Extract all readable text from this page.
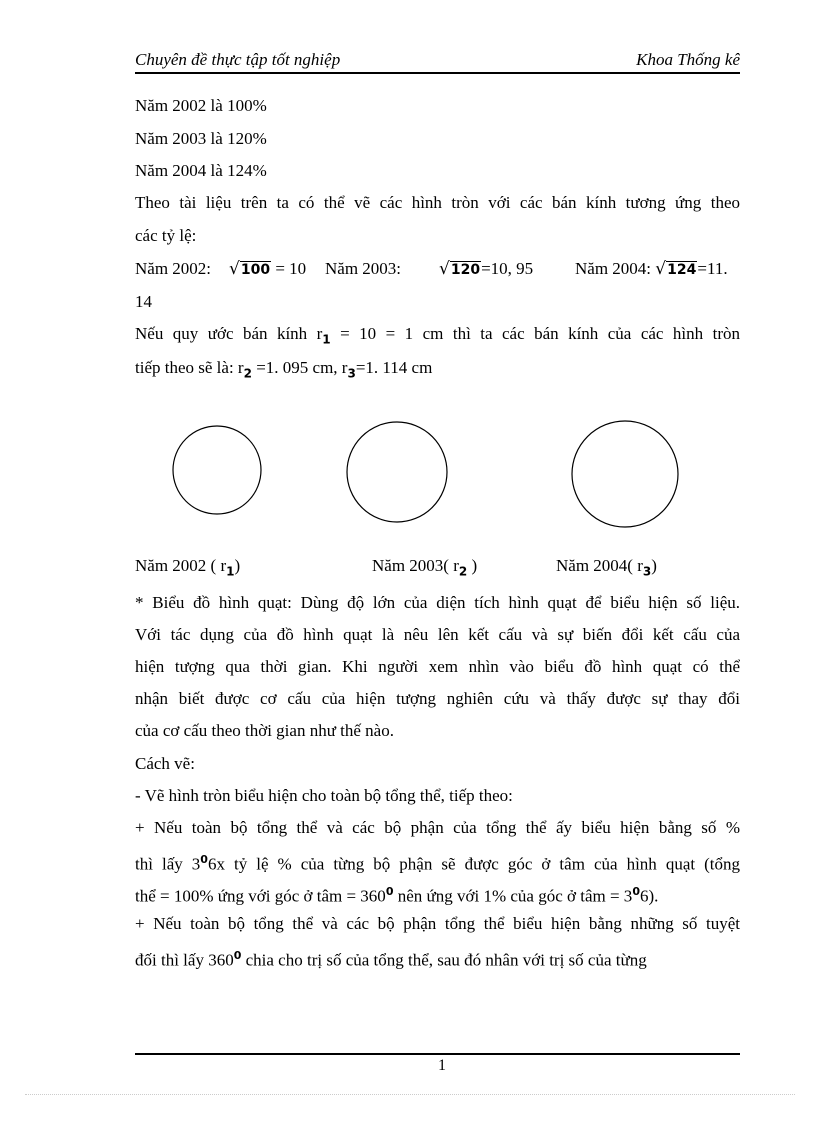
Chuyên đề thực tập tốt nghiệp	Khoa Thống kê
Năm 2002 là 100%
Năm 2003 là 120%
Năm 2004 là 124%
Theo tài liệu trên ta có thể vẽ các hình tròn với các bán kính tương ứng theo
các tỷ lệ:
Năm 2002: √100 = 10 Năm 2003: √120=10, 95 Năm 2004: √124=11.
14
Nếu quy ước bán kính $r_1 = 10 = 1$ cm thì ta các bán kính của các hình tròn
tiếp theo sẽ là: $r_2 =1$. 095 cm, $r_3=1$. 114 cm
Năm 2002 ( $r_1$)	Năm 2003( $r_2$ )	Năm 2004( $r_3$)
* Biểu đồ hình quạt: Dùng độ lớn của diện tích hình quạt để biểu hiện số liệu.
Với tác dụng của đồ hình quạt là nêu lên kết cấu và sự biến đổi kết cấu của
hiện tượng qua thời gian. Khi người xem nhìn vào biểu đồ hình quạt có thể
nhận biết được cơ cấu của hiện tượng nghiên cứu và thấy được sự thay đổi
của cơ cấu theo thời gian như thế nào.
Cách vẽ:
- Vẽ hình tròn biểu hiện cho toàn bộ tổng thể, tiếp theo:
+ Nếu toàn bộ tổng thể và các bộ phận của tổng thể ấy biểu hiện bằng số %
thì lấy $3^06x$ tỷ lệ % của từng bộ phận sẽ được góc ở tâm của hình quạt (tổng
thể = 100% ứng với góc ở tâm = $360^0$ nên ứng với 1% của góc ở tâm = $3^06$).
+ Nếu toàn bộ tổng thể và các bộ phận tổng thể biểu hiện bằng những số tuyệt
đối thì lấy $360^0$ chia cho trị số của tổng thể, sau đó nhân với trị số của từng
1
